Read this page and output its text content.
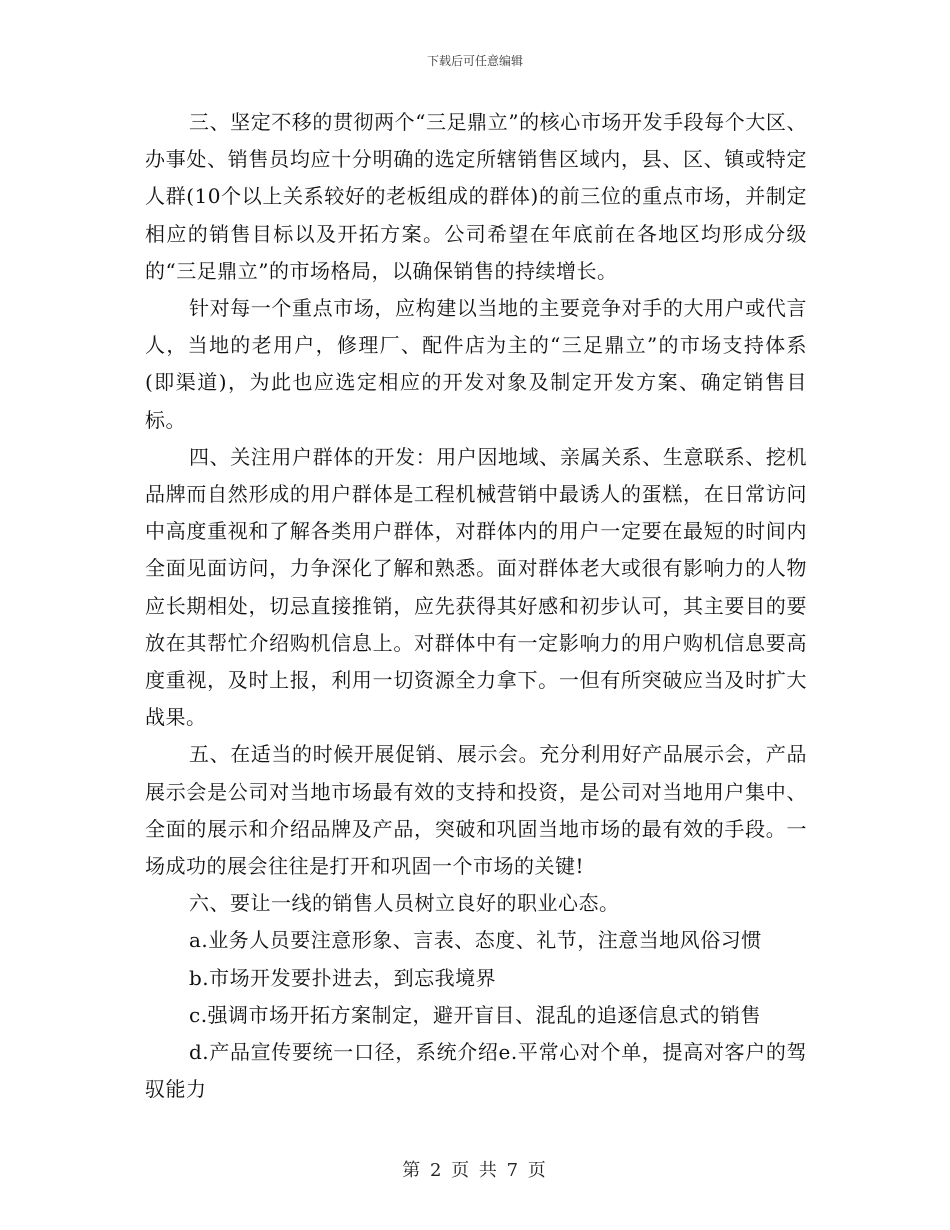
下载后可任意编辑

三、坚定不移的贯彻两个“三足鼎立”的核心市场开发手段每个大区、办事处、销售员均应十分明确的选定所辖销售区域内，县、区、镇或特定人群(10个以上关系较好的老板组成的群体)的前三位的重点市场，并制定相应的销售目标以及开拓方案。公司希望在年底前在各地区均形成分级的“三足鼎立”的市场格局，以确保销售的持续增长。

针对每一个重点市场，应构建以当地的主要竞争对手的大用户或代言人，当地的老用户，修理厂、配件店为主的“三足鼎立”的市场支持体系(即渠道)，为此也应选定相应的开发对象及制定开发方案、确定销售目标。

四、关注用户群体的开发：用户因地域、亲属关系、生意联系、挖机品牌而自然形成的用户群体是工程机械营销中最诱人的蛋糕，在日常访问中高度重视和了解各类用户群体，对群体内的用户一定要在最短的时间内全面见面访问，力争深化了解和熟悉。面对群体老大或很有影响力的人物应长期相处，切忌直接推销，应先获得其好感和初步认可，其主要目的要放在其帮忙介绍购机信息上。对群体中有一定影响力的用户购机信息要高度重视，及时上报，利用一切资源全力拿下。一但有所突破应当及时扩大战果。

五、在适当的时候开展促销、展示会。充分利用好产品展示会，产品展示会是公司对当地市场最有效的支持和投资，是公司对当地用户集中、全面的展示和介绍品牌及产品，突破和巩固当地市场的最有效的手段。一场成功的展会往往是打开和巩固一个市场的关键!

六、要让一线的销售人员树立良好的职业心态。

a.业务人员要注意形象、言表、态度、礼节，注意当地风俗习惯

b.市场开发要扑进去，到忘我境界

c.强调市场开拓方案制定，避开盲目、混乱的追逐信息式的销售

d.产品宣传要统一口径，系统介绍e.平常心对个单，提高对客户的驾驭能力

第 2 页 共 7 页
